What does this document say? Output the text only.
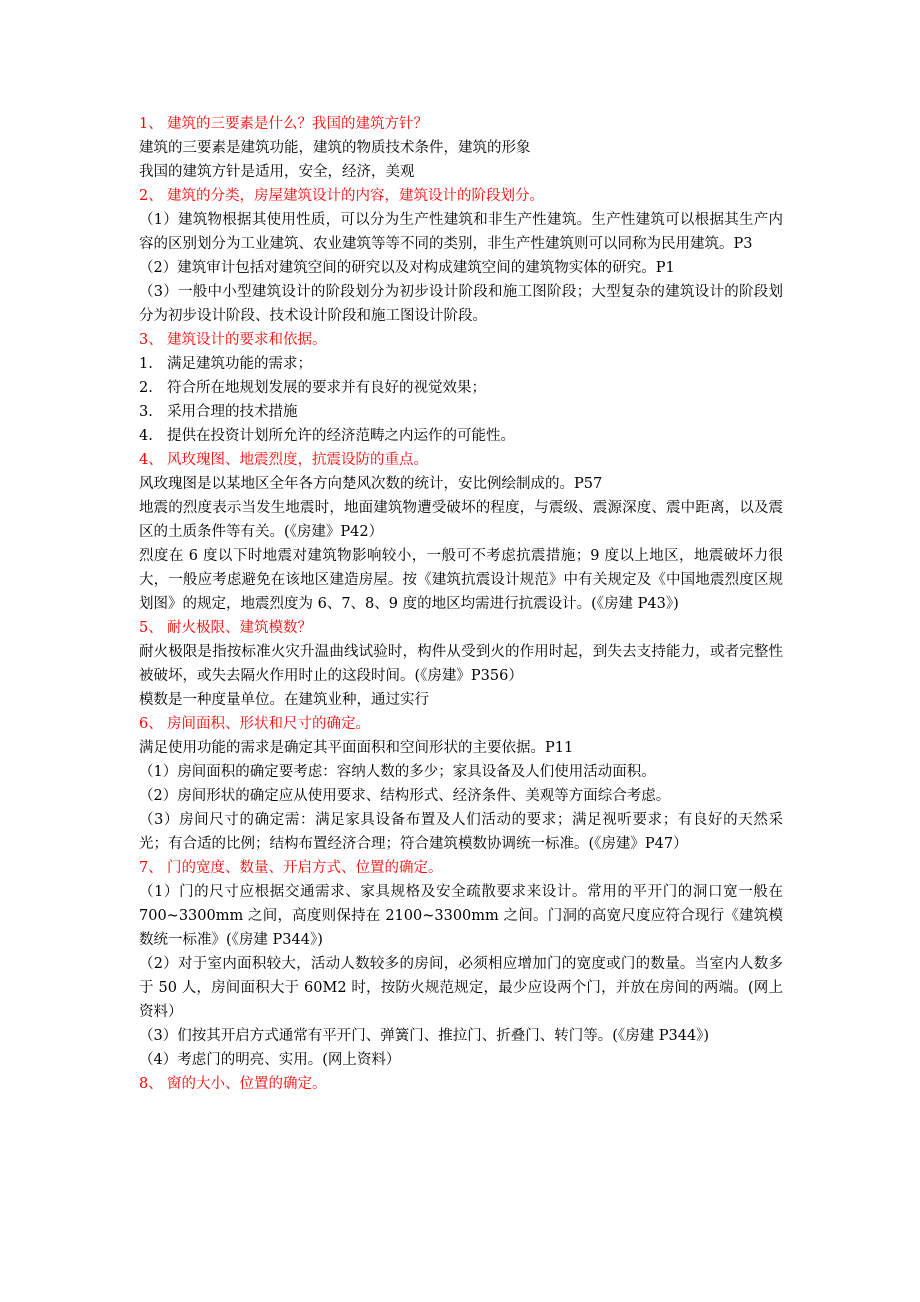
1、 建筑的三要素是什么？我国的建筑方针？
建筑的三要素是建筑功能，建筑的物质技术条件，建筑的形象
我国的建筑方针是适用，安全，经济，美观
2、 建筑的分类，房屋建筑设计的内容，建筑设计的阶段划分。
（1）建筑物根据其使用性质，可以分为生产性建筑和非生产性建筑。生产性建筑可以根据其生产内容的区别划分为工业建筑、农业建筑等等不同的类别，非生产性建筑则可以同称为民用建筑。P3
（2）建筑审计包括对建筑空间的研究以及对构成建筑空间的建筑物实体的研究。P1
（3）一般中小型建筑设计的阶段划分为初步设计阶段和施工图阶段；大型复杂的建筑设计的阶段划分为初步设计阶段、技术设计阶段和施工图设计阶段。
3、 建筑设计的要求和依据。
1. 满足建筑功能的需求；
2. 符合所在地规划发展的要求并有良好的视觉效果；
3. 采用合理的技术措施
4. 提供在投资计划所允许的经济范畴之内运作的可能性。
4、 风玫瑰图、地震烈度，抗震设防的重点。
风玫瑰图是以某地区全年各方向楚风次数的统计，安比例绘制成的。P57
地震的烈度表示当发生地震时，地面建筑物遭受破坏的程度，与震级、震源深度、震中距离，以及震区的土质条件等有关。(《房建》P42）
烈度在 6 度以下时地震对建筑物影响较小，一般可不考虑抗震措施；9 度以上地区，地震破坏力很大，一般应考虑避免在该地区建造房屋。按《建筑抗震设计规范》中有关规定及《中国地震烈度区规划图》的规定，地震烈度为 6、7、8、9 度的地区均需进行抗震设计。(《房建 P43》)
5、 耐火极限、建筑模数？
耐火极限是指按标准火灾升温曲线试验时，构件从受到火的作用时起，到失去支持能力，或者完整性被破坏，或失去隔火作用时止的这段时间。(《房建》P356）
模数是一种度量单位。在建筑业种，通过实行
6、 房间面积、形状和尺寸的确定。
满足使用功能的需求是确定其平面面积和空间形状的主要依据。P11
（1）房间面积的确定要考虑：容纳人数的多少；家具设备及人们使用活动面积。
（2）房间形状的确定应从使用要求、结构形式、经济条件、美观等方面综合考虑。
（3）房间尺寸的确定需：满足家具设备布置及人们活动的要求；满足视听要求；有良好的天然采光；有合适的比例；结构布置经济合理；符合建筑模数协调统一标准。(《房建》P47）
7、 门的宽度、数量、开启方式、位置的确定。
（1）门的尺寸应根据交通需求、家具规格及安全疏散要求来设计。常用的平开门的洞口宽一般在 700~3300mm 之间，高度则保持在 2100~3300mm 之间。门洞的高宽尺度应符合现行《建筑模数统一标准》(《房建 P344》)
（2）对于室内面积较大，活动人数较多的房间，必须相应增加门的宽度或门的数量。当室内人数多于 50 人，房间面积大于 60M2 时，按防火规范规定，最少应设两个门，并放在房间的两端。(网上资料）
（3）们按其开启方式通常有平开门、弹簧门、推拉门、折叠门、转门等。(《房建 P344》)
（4）考虑门的明亮、实用。(网上资料）
8、 窗的大小、位置的确定。
